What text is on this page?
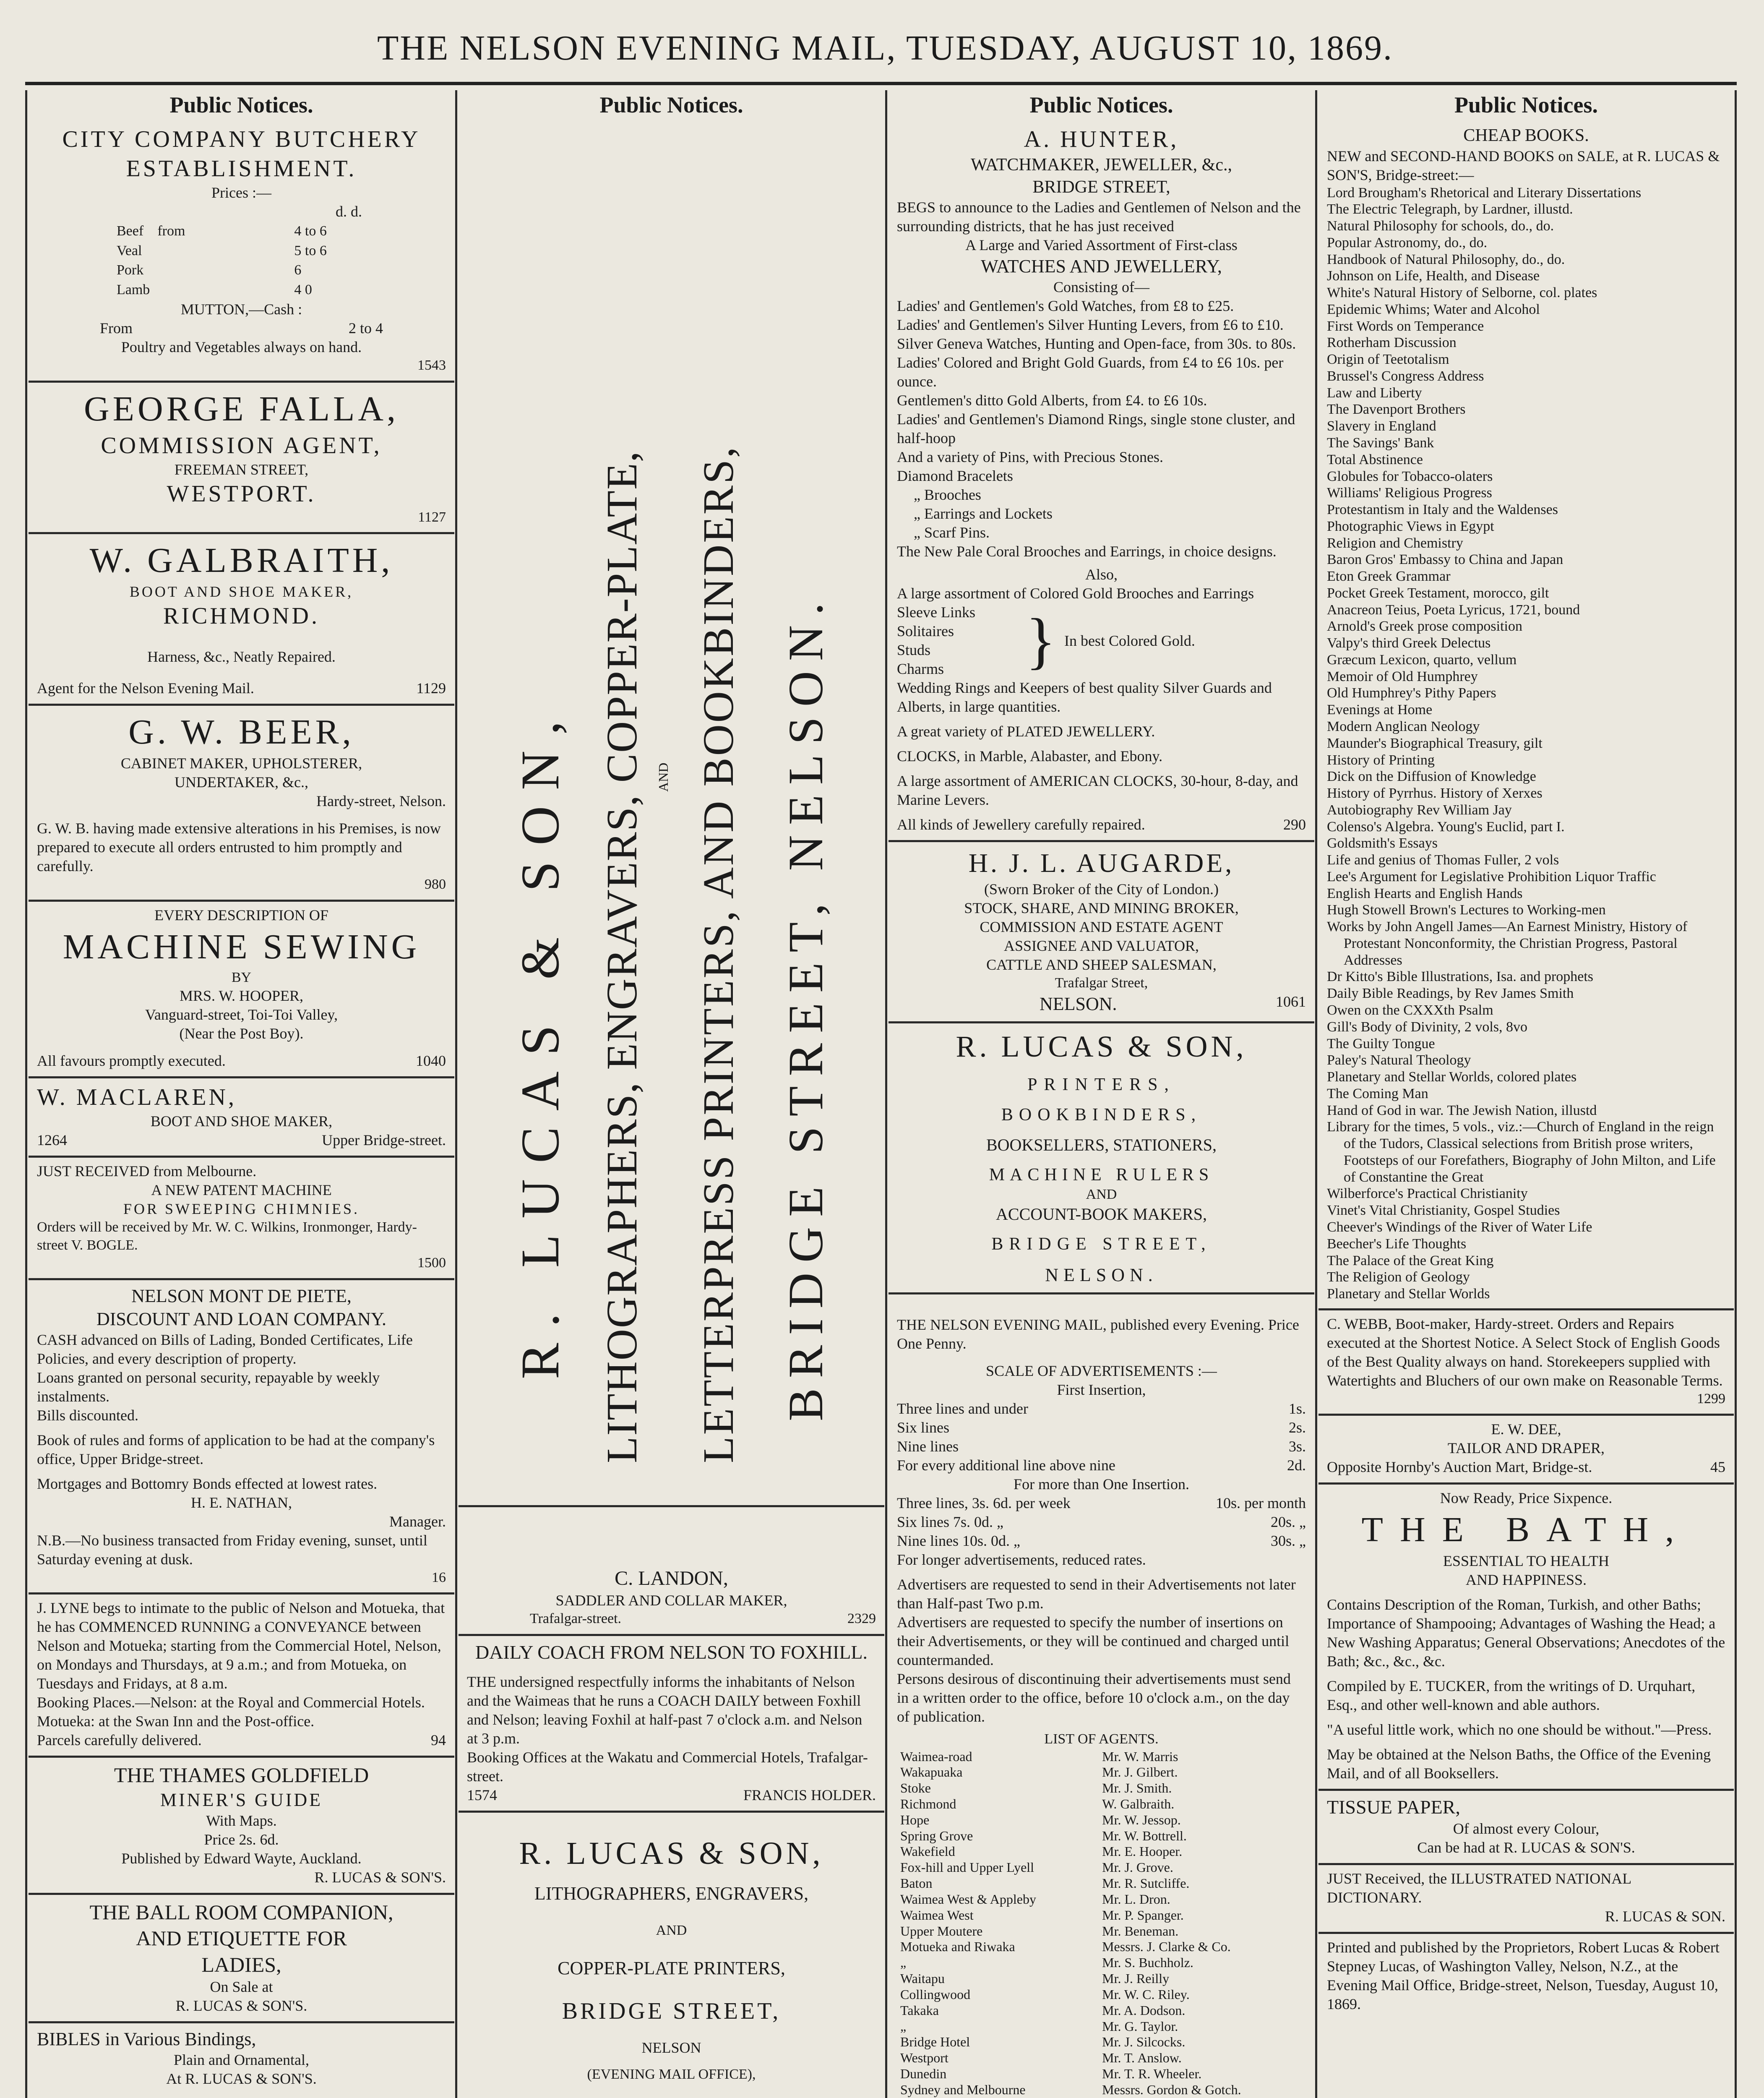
THE NELSON EVENING MAIL, TUESDAY, AUGUST 10, 1869.
Public Notices.
CITY COMPANY BUTCHERY
ESTABLISHMENT.
Prices :—
d. d.
Beef	from	4 to 6
Veal		5 to 6
Pork		6
Lamb		4 0
MUTTON,—Cash :
From	2 to 4
Poultry and Vegetables always on hand.
1543
GEORGE FALLA,
COMMISSION AGENT,
FREEMAN STREET,
WESTPORT.
1127
W. GALBRAITH,
BOOT AND SHOE MAKER,
RICHMOND.
Harness, &c., Neatly Repaired.
Agent for the Nelson Evening Mail.	1129
G. W. BEER,
CABINET MAKER, UPHOLSTERER,
UNDERTAKER, &c.,
Hardy-street, Nelson.
G. W. B. having made extensive alterations in his Premises, is now prepared to execute all orders entrusted to him promptly and carefully.
980
EVERY DESCRIPTION OF
MACHINE SEWING
BY
MRS. W. HOOPER,
Vanguard-street, Toi-Toi Valley,
(Near the Post Boy).
All favours promptly executed.	1040
W. MACLAREN,
BOOT AND SHOE MAKER,
1264	Upper Bridge-street.
JUST RECEIVED from Melbourne.
A NEW PATENT MACHINE
FOR SWEEPING CHIMNIES.
Orders will be received by Mr. W. C. Wilkins, Ironmonger, Hardy-street V. BOGLE.
1500
NELSON MONT DE PIETE,
DISCOUNT AND LOAN COMPANY.
CASH advanced on Bills of Lading, Bonded Certificates, Life Policies, and every description of property.
Loans granted on personal security, repayable by weekly instalments.
Bills discounted.
Book of rules and forms of application to be had at the company's office, Upper Bridge-street.
Mortgages and Bottomry Bonds effected at lowest rates.
H. E. NATHAN,
Manager.
N.B.—No business transacted from Friday evening, sunset, until Saturday evening at dusk.
16
J. LYNE begs to intimate to the public of Nelson and Motueka, that he has COMMENCED RUNNING a CONVEYANCE between Nelson and Motueka; starting from the Commercial Hotel, Nelson, on Mondays and Thursdays, at 9 a.m.; and from Motueka, on Tuesdays and Fridays, at 8 a.m.
Booking Places.—Nelson: at the Royal and Commercial Hotels. Motueka: at the Swan Inn and the Post-office.
Parcels carefully delivered.	94
THE THAMES GOLDFIELD
MINER'S GUIDE
With Maps.
Price 2s. 6d.
Published by Edward Wayte, Auckland.
R. LUCAS & SON'S.
THE BALL ROOM COMPANION,
AND ETIQUETTE FOR
LADIES,
On Sale at
R. LUCAS & SON'S.
BIBLES in Various Bindings,
Plain and Ornamental,
At R. LUCAS & SON'S.
Public Notices.
R. LUCAS & SON, LITHOGRAPHERS, ENGRAVERS, COPPER-PLATE, AND LETTERPRESS PRINTERS, AND BOOKBINDERS, BRIDGE STREET, NELSON.
C. LANDON,
SADDLER AND COLLAR MAKER,
Trafalgar-street.	2329
DAILY COACH FROM NELSON TO FOXHILL.
THE undersigned respectfully informs the inhabitants of Nelson and the Waimeas that he runs a COACH DAILY between Foxhill and Nelson; leaving Foxhil at half-past 7 o'clock a.m. and Nelson at 3 p.m.
Booking Offices at the Wakatu and Commercial Hotels, Trafalgar-street.
1574	FRANCIS HOLDER.
R. LUCAS & SON,
LITHOGRAPHERS, ENGRAVERS,
AND
COPPER-PLATE PRINTERS,
BRIDGE STREET,
NELSON
(EVENING MAIL OFFICE),
Public Notices.
A. HUNTER,
WATCHMAKER, JEWELLER, &c.,
BRIDGE STREET,
BEGS to announce to the Ladies and Gentlemen of Nelson and the surrounding districts, that he has just received
A Large and Varied Assortment of First-class
WATCHES AND JEWELLERY,
Consisting of—
Ladies' and Gentlemen's Gold Watches, from £8 to £25.
Ladies' and Gentlemen's Silver Hunting Levers, from £6 to £10.
Silver Geneva Watches, Hunting and Open-face, from 30s. to 80s.
Ladies' Colored and Bright Gold Guards, from £4 to £6 10s. per ounce.
Gentlemen's ditto Gold Alberts, from £4. to £6 10s.
Ladies' and Gentlemen's Diamond Rings, single stone cluster, and half-hoop
And a variety of Pins, with Precious Stones.
Diamond Bracelets
„ Brooches
„ Earrings and Lockets
„ Scarf Pins.
The New Pale Coral Brooches and Earrings, in choice designs.
Also,
A large assortment of Colored Gold Brooches and Earrings
Sleeve Links
Solitaires
Studs
Charms	} In best Colored Gold.
Wedding Rings and Keepers of best quality Silver Guards and Alberts, in large quantities.
A great variety of PLATED JEWELLERY.
CLOCKS, in Marble, Alabaster, and Ebony.
A large assortment of AMERICAN CLOCKS, 30-hour, 8-day, and Marine Levers.
All kinds of Jewellery carefully repaired.	290
H. J. L. AUGARDE,
(Sworn Broker of the City of London.)
STOCK, SHARE, AND MINING BROKER,
COMMISSION AND ESTATE AGENT
ASSIGNEE AND VALUATOR,
CATTLE AND SHEEP SALESMAN,
Trafalgar Street,
NELSON.	1061
R. LUCAS & SON,
PRINTERS,
BOOKBINDERS,
BOOKSELLERS, STATIONERS,
MACHINE RULERS
AND
ACCOUNT-BOOK MAKERS,
BRIDGE STREET,
NELSON.
THE NELSON EVENING MAIL, published every Evening. Price One Penny.
SCALE OF ADVERTISEMENTS :—
First Insertion,
Three lines and under	1s.
Six lines	2s.
Nine lines	3s.
For every additional line above nine	2d.
For more than One Insertion.
Three lines, 3s. 6d. per week	10s. per month
Six lines 7s. 0d. „	20s. „
Nine lines 10s. 0d. „	30s. „
For longer advertisements, reduced rates.
Advertisers are requested to send in their Advertisements not later than Half-past Two p.m.
Advertisers are requested to specify the number of insertions on their Advertisements, or they will be continued and charged until countermanded.
Persons desirous of discontinuing their advertisements must send in a written order to the office, before 10 o'clock a.m., on the day of publication.
LIST OF AGENTS.
Waimea-road	Mr. W. Marris
Wakapuaka	Mr. J. Gilbert.
Stoke	Mr. J. Smith.
Richmond	W. Galbraith.
Hope	Mr. W. Jessop.
Spring Grove	Mr. W. Bottrell.
Wakefield	Mr. E. Hooper.
Fox-hill and Upper Lyell	Mr. J. Grove.
Baton	Mr. R. Sutcliffe.
Waimea West & Appleby	Mr. L. Dron.
Waimea West	Mr. P. Spanger.
Upper Moutere	Mr. Beneman.
Motueka and Riwaka	Messrs. J. Clarke & Co.
„	Mr. S. Buchholz.
Waitapu	Mr. J. Reilly
Collingwood	Mr. W. C. Riley.
Takaka	Mr. A. Dodson.
„	Mr. G. Taylor.
Bridge Hotel	Mr. J. Silcocks.
Westport	Mr. T. Anslow.
Dunedin	Mr. T. R. Wheeler.
Sydney and Melbourne	Messrs. Gordon & Gotch.

Public Notices.
CHEAP BOOKS.
NEW and SECOND-HAND BOOKS on SALE, at R. LUCAS & SON'S, Bridge-street:—
Lord Brougham's Rhetorical and Literary Dissertations
The Electric Telegraph, by Lardner, illustd.
Natural Philosophy for schools, do., do.
Popular Astronomy, do., do.
Handbook of Natural Philosophy, do., do.
Johnson on Life, Health, and Disease
White's Natural History of Selborne, col. plates
Epidemic Whims; Water and Alcohol
First Words on Temperance
Rotherham Discussion
Origin of Teetotalism
Brussel's Congress Address
Law and Liberty
The Davenport Brothers
Slavery in England
The Savings' Bank
Total Abstinence
Globules for Tobacco-olaters
Williams' Religious Progress
Protestantism in Italy and the Waldenses
Photographic Views in Egypt
Religion and Chemistry
Baron Gros' Embassy to China and Japan
Eton Greek Grammar
Pocket Greek Testament, morocco, gilt
Anacreon Teius, Poeta Lyricus, 1721, bound
Arnold's Greek prose composition
Valpy's third Greek Delectus
Græcum Lexicon, quarto, vellum
Memoir of Old Humphrey
Old Humphrey's Pithy Papers
Evenings at Home
Modern Anglican Neology
Maunder's Biographical Treasury, gilt
History of Printing
Dick on the Diffusion of Knowledge
History of Pyrrhus. History of Xerxes
Autobiography Rev William Jay
Colenso's Algebra. Young's Euclid, part I.
Goldsmith's Essays
Life and genius of Thomas Fuller, 2 vols
Lee's Argument for Legislative Prohibition Liquor Traffic
English Hearts and English Hands
Hugh Stowell Brown's Lectures to Working-men
Works by John Angell James—An Earnest Ministry, History of Protestant Nonconformity, the Christian Progress, Pastoral Addresses
Dr Kitto's Bible Illustrations, Isa. and prophets
Daily Bible Readings, by Rev James Smith
Owen on the CXXXth Psalm
Gill's Body of Divinity, 2 vols, 8vo
The Guilty Tongue
Paley's Natural Theology
Planetary and Stellar Worlds, colored plates
The Coming Man
Hand of God in war. The Jewish Nation, illustd
Library for the times, 5 vols., viz.:—Church of England in the reign of the Tudors, Classical selections from British prose writers, Footsteps of our Forefathers, Biography of John Milton, and Life of Constantine the Great
Wilberforce's Practical Christianity
Vinet's Vital Christianity, Gospel Studies
Cheever's Windings of the River of Water Life
Beecher's Life Thoughts
The Palace of the Great King
The Religion of Geology
Planetary and Stellar Worlds
C. WEBB, Boot-maker, Hardy-street. Orders and Repairs executed at the Shortest Notice. A Select Stock of English Goods of the Best Quality always on hand. Storekeepers supplied with Watertights and Bluchers of our own make on Reasonable Terms.
1299
E. W. DEE,
TAILOR AND DRAPER,
Opposite Hornby's Auction Mart, Bridge-st.	45
Now Ready, Price Sixpence.
THE BATH,
ESSENTIAL TO HEALTH
AND HAPPINESS.
Contains Description of the Roman, Turkish, and other Baths; Importance of Shampooing; Advantages of Washing the Head; a New Washing Apparatus; General Observations; Anecdotes of the Bath; &c., &c., &c.
Compiled by E. TUCKER, from the writings of D. Urquhart, Esq., and other well-known and able authors.
"A useful little work, which no one should be without."—Press.
May be obtained at the Nelson Baths, the Office of the Evening Mail, and of all Booksellers.
TISSUE PAPER,
Of almost every Colour,
Can be had at R. LUCAS & SON'S.
JUST Received, the ILLUSTRATED NATIONAL DICTIONARY.
R. LUCAS & SON.
Printed and published by the Proprietors, Robert Lucas & Robert Stepney Lucas, of Washington Valley, Nelson, N.Z., at the Evening Mail Office, Bridge-street, Nelson, Tuesday, August 10, 1869.
